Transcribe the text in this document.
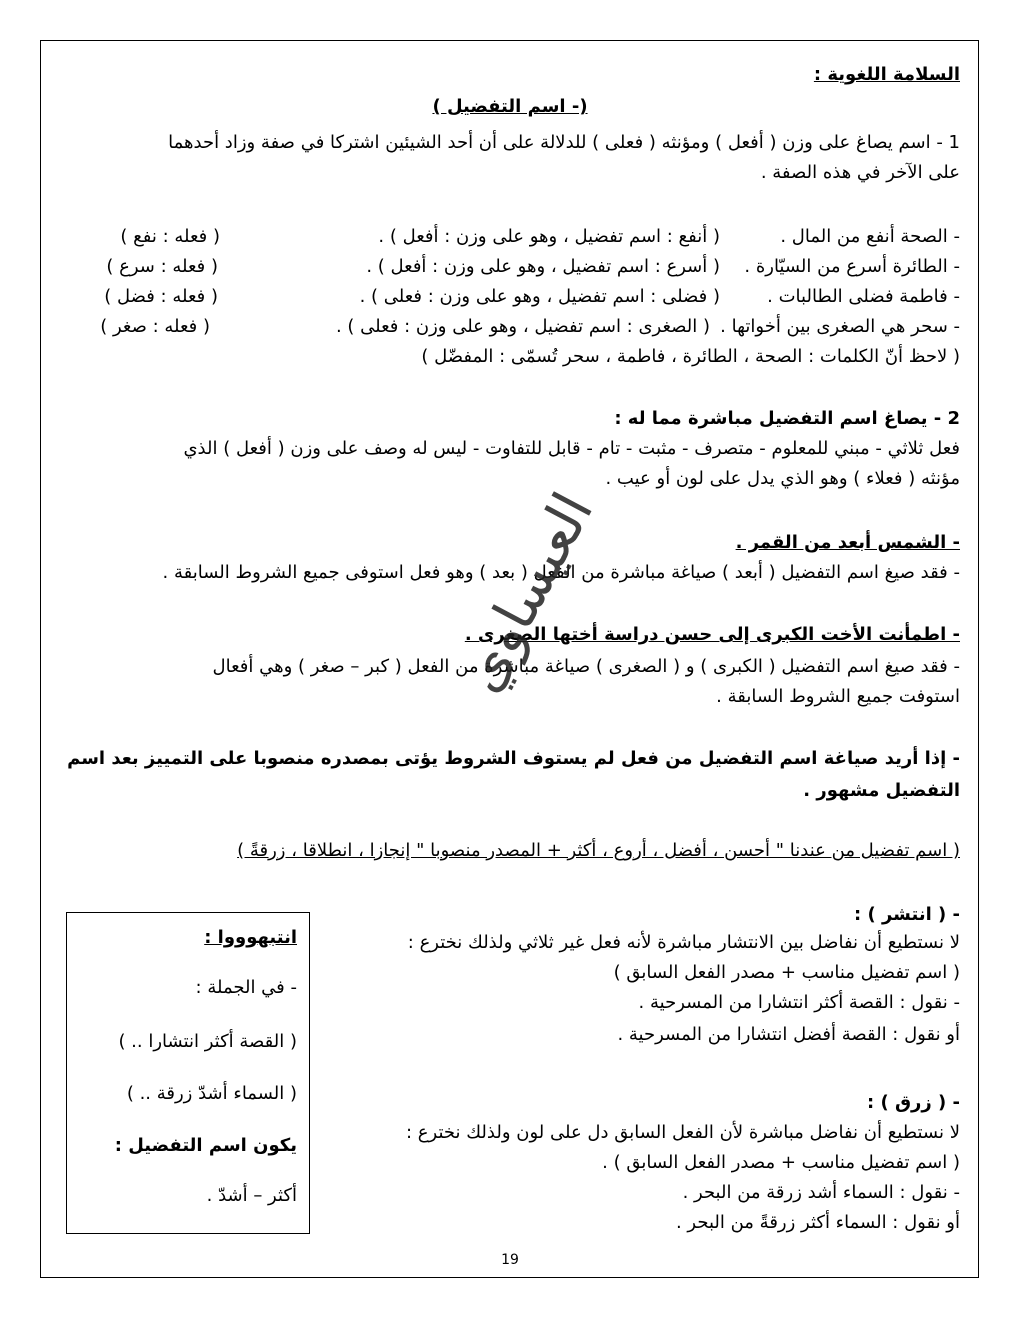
السلامة اللغوية :
(- اسم التفضيل )
1 - اسم يصاغ على وزن ( أفعل ) ومؤنثه ( فعلى ) للدلالة على أن أحد الشيئين اشتركا في صفة وزاد أحدهما
على الآخر في هذه الصفة .
- الصحة أنفع من المال .
( أنفع : اسم تفضيل ، وهو على وزن : أفعل ) .
( فعله : نفع )
- الطائرة أسرع من السيّارة .
( أسرع : اسم تفضيل ، وهو على وزن : أفعل ) .
( فعله : سرع )
- فاطمة فضلى الطالبات .
( فضلى : اسم تفضيل ، وهو على وزن : فعلى ) .
( فعله : فضل )
- سحر هي الصغرى بين أخواتها .
( الصغرى : اسم تفضيل ، وهو على وزن : فعلى ) .
( فعله : صغر )
( لاحظ أنّ الكلمات : الصحة ، الطائرة ، فاطمة ، سحر تُسمّى : المفضّل )
2 - يصاغ اسم التفضيل مباشرة مما له :
فعل ثلاثي - مبني للمعلوم - متصرف - مثبت - تام - قابل للتفاوت - ليس له وصف على وزن ( أفعل ) الذي
مؤنثه ( فعلاء ) وهو الذي يدل على لون أو عيب .
- الشمس أبعد من القمر .
- فقد صيغ اسم التفضيل ( أبعد ) صياغة مباشرة من الفعل ( بعد ) وهو فعل استوفى جميع الشروط السابقة .
- اطمأنت الأخت الكبرى إلى حسن دراسة أختها الصغرى .
- فقد صيغ اسم التفضيل ( الكبرى ) و ( الصغرى ) صياغة مباشرة من الفعل ( كبر – صغر ) وهي أفعال
استوفت جميع الشروط السابقة .
- إذا أريد صياغة اسم التفضيل من فعل لم يستوف الشروط يؤتى بمصدره منصوبا على التمييز بعد اسم
التفضيل مشهور .
( اسم تفضيل من عندنا " أحسن ، أفضل ، أروع ، أكثر + المصدر منصوبا " إنجازا ، انطلاقا ، زرقةً )
- ( انتشر ) :
لا نستطيع أن نفاضل بين الانتشار مباشرة لأنه فعل غير ثلاثي ولذلك نخترع :
( اسم تفضيل مناسب + مصدر الفعل السابق )
- نقول : القصة أكثر انتشارا من المسرحية .
أو نقول : القصة أفضل انتشارا من المسرحية .
- ( زرق ) :
لا نستطيع أن نفاضل مباشرة لأن الفعل السابق دل على لون ولذلك نخترع :
( اسم تفضيل مناسب + مصدر الفعل السابق ) .
- نقول : السماء أشد زرقة من البحر .
أو نقول : السماء أكثر زرقةً من البحر .
انتبهوووا :
- في الجملة :
( القصة أكثر انتشارا .. )
( السماء أشدّ زرقة .. )
يكون اسم التفضيل :
أكثر – أشدّ .
العيساوي
19
